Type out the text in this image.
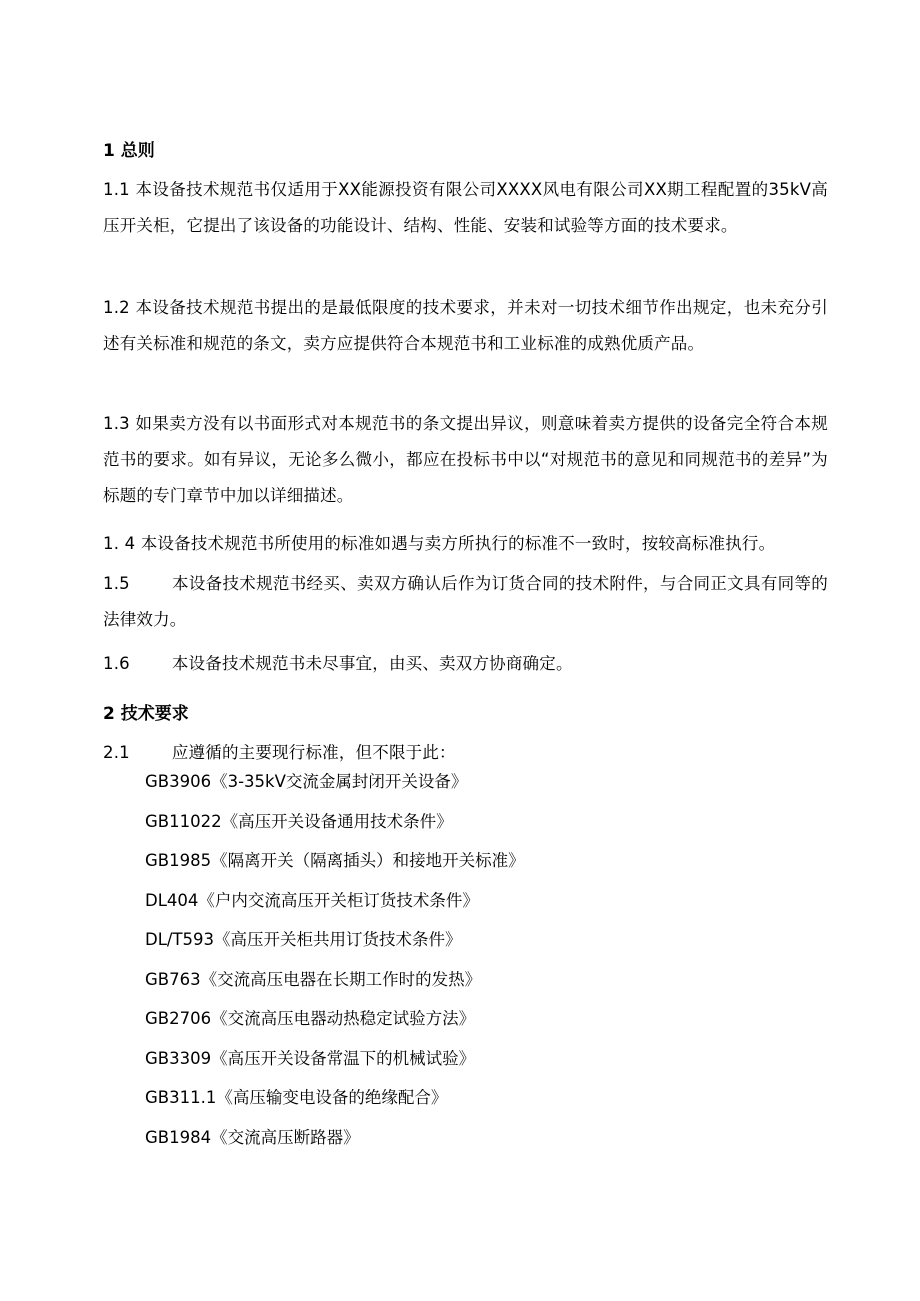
1 总则
1.1 本设备技术规范书仅适用于XX能源投资有限公司XXXX风电有限公司XX期工程配置的35kV高压开关柜，它提出了该设备的功能设计、结构、性能、安装和试验等方面的技术要求。
1.2 本设备技术规范书提出的是最低限度的技术要求，并未对一切技术细节作出规定，也未充分引述有关标准和规范的条文，卖方应提供符合本规范书和工业标准的成熟优质产品。
1.3 如果卖方没有以书面形式对本规范书的条文提出异议，则意味着卖方提供的设备完全符合本规范书的要求。如有异议，无论多么微小，都应在投标书中以“对规范书的意见和同规范书的差异”为标题的专门章节中加以详细描述。
1. 4 本设备技术规范书所使用的标准如遇与卖方所执行的标准不一致时，按较高标准执行。
1.5	本设备技术规范书经买、卖双方确认后作为订货合同的技术附件，与合同正文具有同等的法律效力。
1.6	本设备技术规范书未尽事宜，由买、卖双方协商确定。
2 技术要求
2.1	应遵循的主要现行标准，但不限于此：
GB3906《3-35kV交流金属封闭开关设备》
GB11022《高压开关设备通用技术条件》
GB1985《隔离开关（隔离插头）和接地开关标准》
DL404《户内交流高压开关柜订货技术条件》
DL/T593《高压开关柜共用订货技术条件》
GB763《交流高压电器在长期工作时的发热》
GB2706《交流高压电器动热稳定试验方法》
GB3309《高压开关设备常温下的机械试验》
GB311.1《高压输变电设备的绝缘配合》
GB1984《交流高压断路器》
